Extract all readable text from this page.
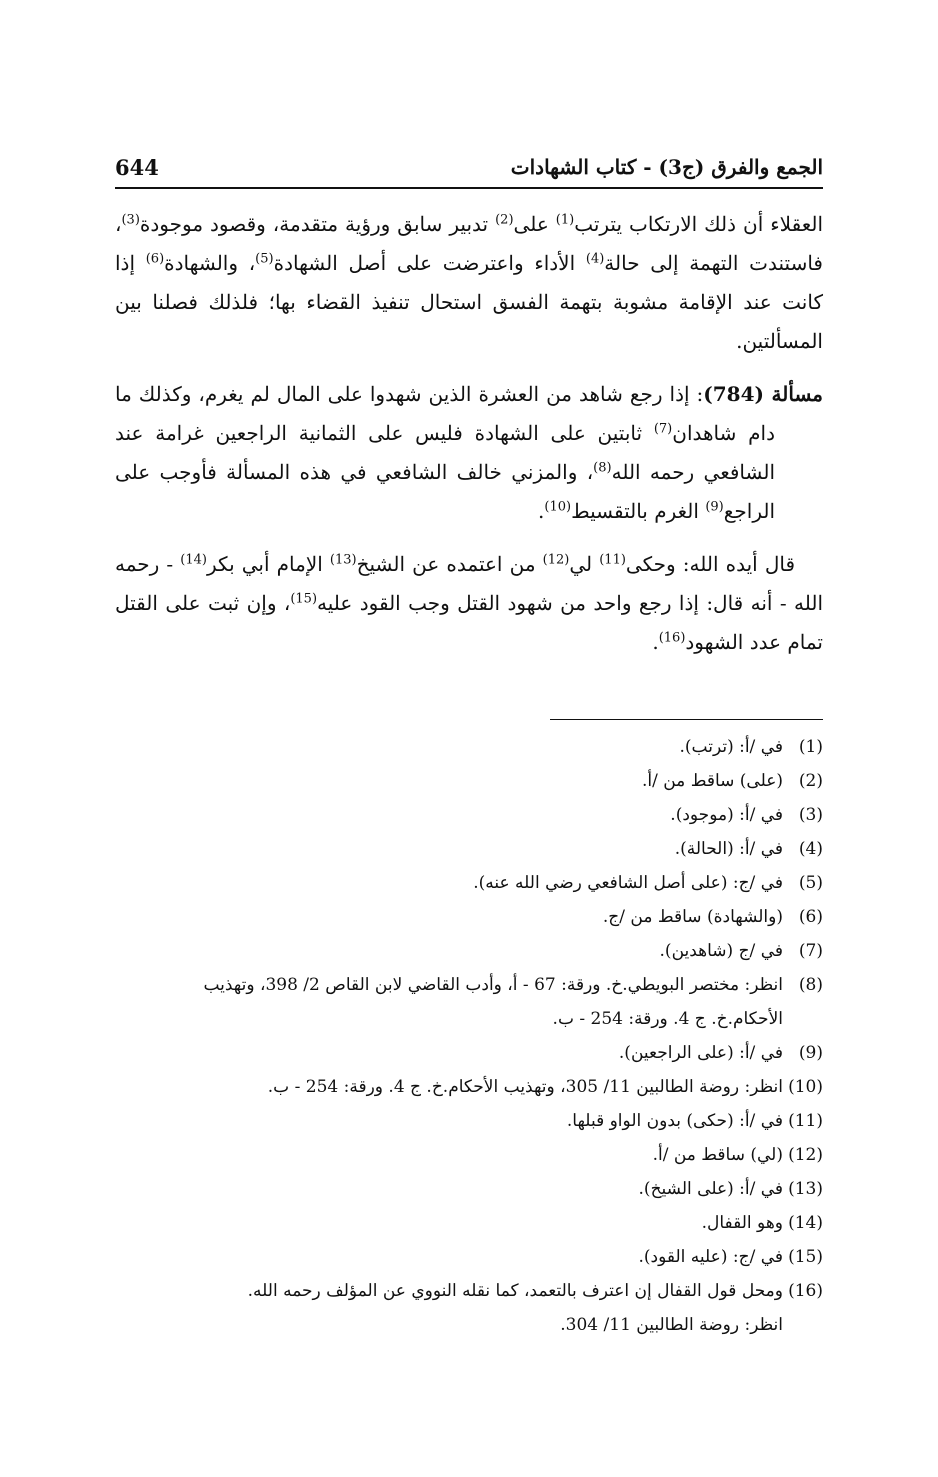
644	الجمع والفرق (ج3) - كتاب الشهادات

العقلاء أن ذلك الارتكاب يترتب$^{(1)}$ على$^{(2)}$ تدبير سابق ورؤية متقدمة، وقصود موجودة$^{(3)}$، فاستندت التهمة إلى حالة$^{(4)}$ الأداء واعترضت على أصل الشهادة$^{(5)}$، والشهادة$^{(6)}$ إذا كانت عند الإقامة مشوبة بتهمة الفسق استحال تنفيذ القضاء بها؛ فلذلك فصلنا بين المسألتين.

مسألة (784): إذا رجع شاهد من العشرة الذين شهدوا على المال لم يغرم، وكذلك ما دام شاهدان$^{(7)}$ ثابتين على الشهادة فليس على الثمانية الراجعين غرامة عند الشافعي رحمه الله$^{(8)}$، والمزني خالف الشافعي في هذه المسألة فأوجب على الراجع$^{(9)}$ الغرم بالتقسيط$^{(10)}$.

قال أيده الله: وحكى$^{(11)}$ لي$^{(12)}$ من اعتمده عن الشيخ$^{(13)}$ الإمام أبي بكر$^{(14)}$ - رحمه الله - أنه قال: إذا رجع واحد من شهود القتل وجب القود عليه$^{(15)}$، وإن ثبت على القتل تمام عدد الشهود$^{(16)}$.

(1)
في /أ: (ترتب).
(2)
(على) ساقط من /أ.
(3)
في /أ: (موجود).
(4)
في /أ: (الحالة).
(5)
في /ج: (على أصل الشافعي رضي الله عنه).
(6)
(والشهادة) ساقط من /ج.
(7)
في /ج (شاهدين).
(8)
انظر: مختصر البويطي.خ. ورقة: 67 - أ، وأدب القاضي لابن القاص 2/ 398، وتهذيب
الأحكام.خ. ج 4. ورقة: 254 - ب.
(9)
في /أ: (على الراجعين).
(10)
انظر: روضة الطالبين 11/ 305، وتهذيب الأحكام.خ. ج 4. ورقة: 254 - ب.
(11)
في /أ: (حكى) بدون الواو قبلها.
(12)
(لي) ساقط من /أ.
(13)
في /أ: (على الشيخ).
(14)
وهو القفال.
(15)
في /ج: (عليه القود).
(16)
ومحل قول القفال إن اعترف بالتعمد، كما نقله النووي عن المؤلف رحمه الله.
انظر: روضة الطالبين 11/ 304.
